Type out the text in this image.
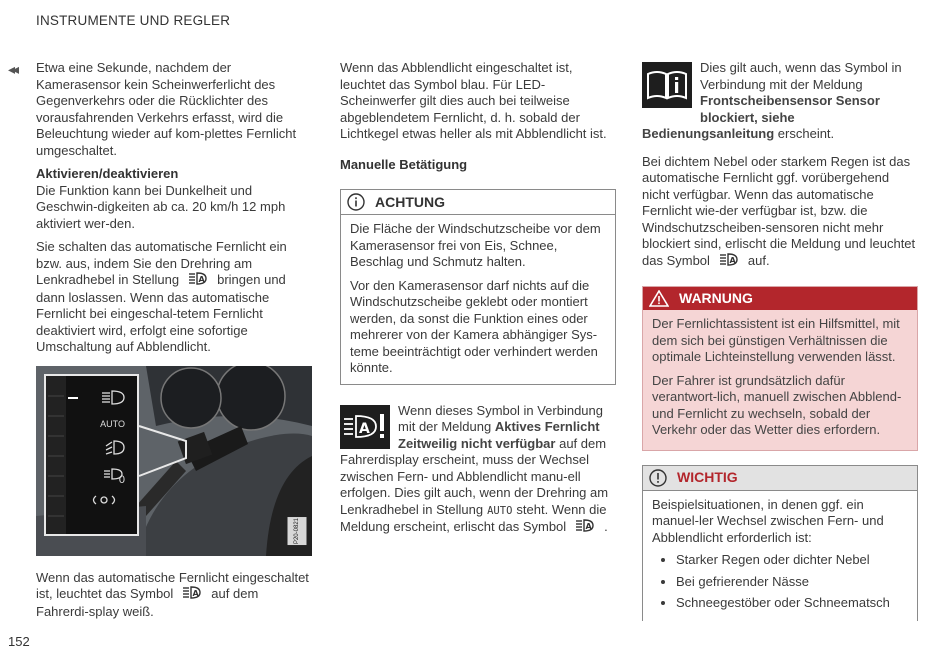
INSTRUMENTE UND REGLER
◂◂ Etwa eine Sekunde, nachdem der Kamerasensor kein Scheinwerferlicht des Gegenverkehrs oder die Rücklichter des vorausfahrenden Verkehrs erfasst, wird die Beleuchtung wieder auf kom-plettes Fernlicht umgeschaltet.

Aktivieren/deaktivieren

Die Funktion kann bei Dunkelheit und Geschwin-digkeiten ab ca. 20 km/h 12 mph aktiviert wer-den.

Sie schalten das automatische Fernlicht ein bzw. aus, indem Sie den Drehring am Lenkradhebel in Stellung A bringen und dann loslassen. Wenn das automatische Fernlicht bei eingeschal-tetem Fernlicht deaktiviert wird, erfolgt eine sofortige Umschaltung auf Abblendlicht.

AUTO
0
P20-0821

Wenn das automatische Fernlicht eingeschaltet ist, leuchtet das Symbol A auf dem Fahrerdi-splay weiß.

Wenn das Abblendlicht eingeschaltet ist, leuchtet das Symbol blau. Für LED-Scheinwerfer gilt dies auch bei teilweise abgeblendetem Fernlicht, d. h. sobald der Lichtkegel etwas heller als mit Abblendlicht ist.

Manuelle Betätigung
ACHTUNG

Die Fläche der Windschutzscheibe vor dem Kamerasensor frei von Eis, Schnee, Beschlag und Schmutz halten.

Vor den Kamerasensor darf nichts auf die Windschutzscheibe geklebt oder montiert werden, da sonst die Funktion eines oder mehrerer von der Kamera abhängiger Sys-teme beeinträchtigt oder verhindert werden könnte.

A
Wenn dieses Symbol in Verbindung mit der Meldung Aktives Fernlicht Zeitweilig nicht verfügbar auf dem Fahrerdisplay erscheint, muss der Wechsel zwischen Fern- und Abblendlicht manu-ell erfolgen. Dies gilt auch, wenn der Drehring am Lenkradhebel in Stellung AUTO steht. Wenn die Meldung erscheint, erlischt das Symbol A .
Dies gilt auch, wenn das Symbol in Verbindung mit der Meldung Frontscheibensensor Sensor blockiert, siehe Bedienungsanleitung erscheint.

Bei dichtem Nebel oder starkem Regen ist das automatische Fernlicht ggf. vorübergehend nicht verfügbar. Wenn das automatische Fernlicht wie-der verfügbar ist, bzw. die Windschutzscheiben-sensoren nicht mehr blockiert sind, erlischt die Meldung und leuchtet das Symbol A auf.

WARNUNG

Der Fernlichtassistent ist ein Hilfsmittel, mit dem sich bei günstigen Verhältnissen die optimale Lichteinstellung verwenden lässt.

Der Fahrer ist grundsätzlich dafür verantwort-lich, manuell zwischen Abblend- und Fernlicht zu wechseln, sobald der Verkehr oder das Wetter dies erfordern.

WICHTIG

Beispielsituationen, in denen ggf. ein manuel-ler Wechsel zwischen Fern- und Abblendlicht erforderlich ist:

• Starker Regen oder dichter Nebel
• Bei gefrierender Nässe
• Schneegestöber oder Schneematsch
152
